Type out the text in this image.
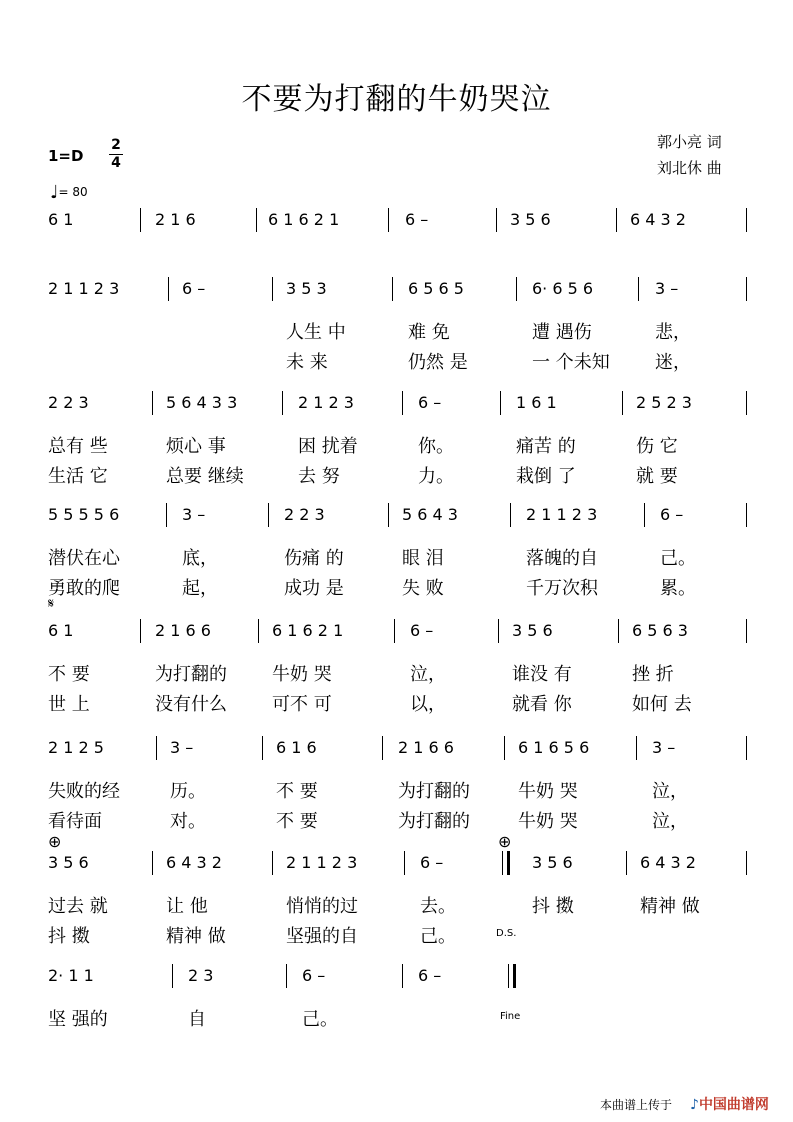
不要为打翻的牛奶哭泣
1=D
2
4
♩= 80
郭小亮 词
刘北休 曲
6 1	2 1 6	6 1 6 2 1	6 –	3 5 6	6 4 3 2
2 1 1 2 3	6 –	3 5 3	6 5 6 5	6· 6 5 6	3 –
人生 中	难 免	遭 遇伤	悲，
未 来	仍然 是	一 个未知	迷，
2 2 3	5 6 4 3 3	2 1 2 3	6 –	1 6 1	2 5 2 3
总有 些	烦心 事	困 扰着	你。	痛苦 的	伤 它
生活 它	总要 继续	去 努	力。	栽倒 了	就 要
5 5 5 5 6	3 –	2 2 3	5 6 4 3	2 1 1 2 3	6 –
潜伏在心	底，	伤痛 的	眼 泪	落魄的自	己。
勇敢的爬	起，	成功 是	失 败	千万次积	累。
𝄋
6 1	2 1 6 6	6 1 6 2 1	6 –	3 5 6	6 5 6 3
不 要	为打翻的	牛奶 哭	泣，	谁没 有	挫 折
世 上	没有什么	可不 可	以，	就看 你	如何 去
2 1 2 5	3 –	6 1 6	2 1 6 6	6 1 6 5 6	3 –
失败的经	历。	不 要	为打翻的	牛奶 哭	泣，
看待面	对。	不 要	为打翻的	牛奶 哭	泣，
⊕	⊕
3 5 6	6 4 3 2	2 1 1 2 3	6 –	3 5 6	6 4 3 2
过去 就	让 他	悄悄的过	去。	抖 擞	精神 做
抖 擞	精神 做	坚强的自	己。	D.S.
2· 1 1	2 3	6 –	6 –
坚 强的	自	己。	Fine
本曲谱上传于 ♪中国曲谱网
